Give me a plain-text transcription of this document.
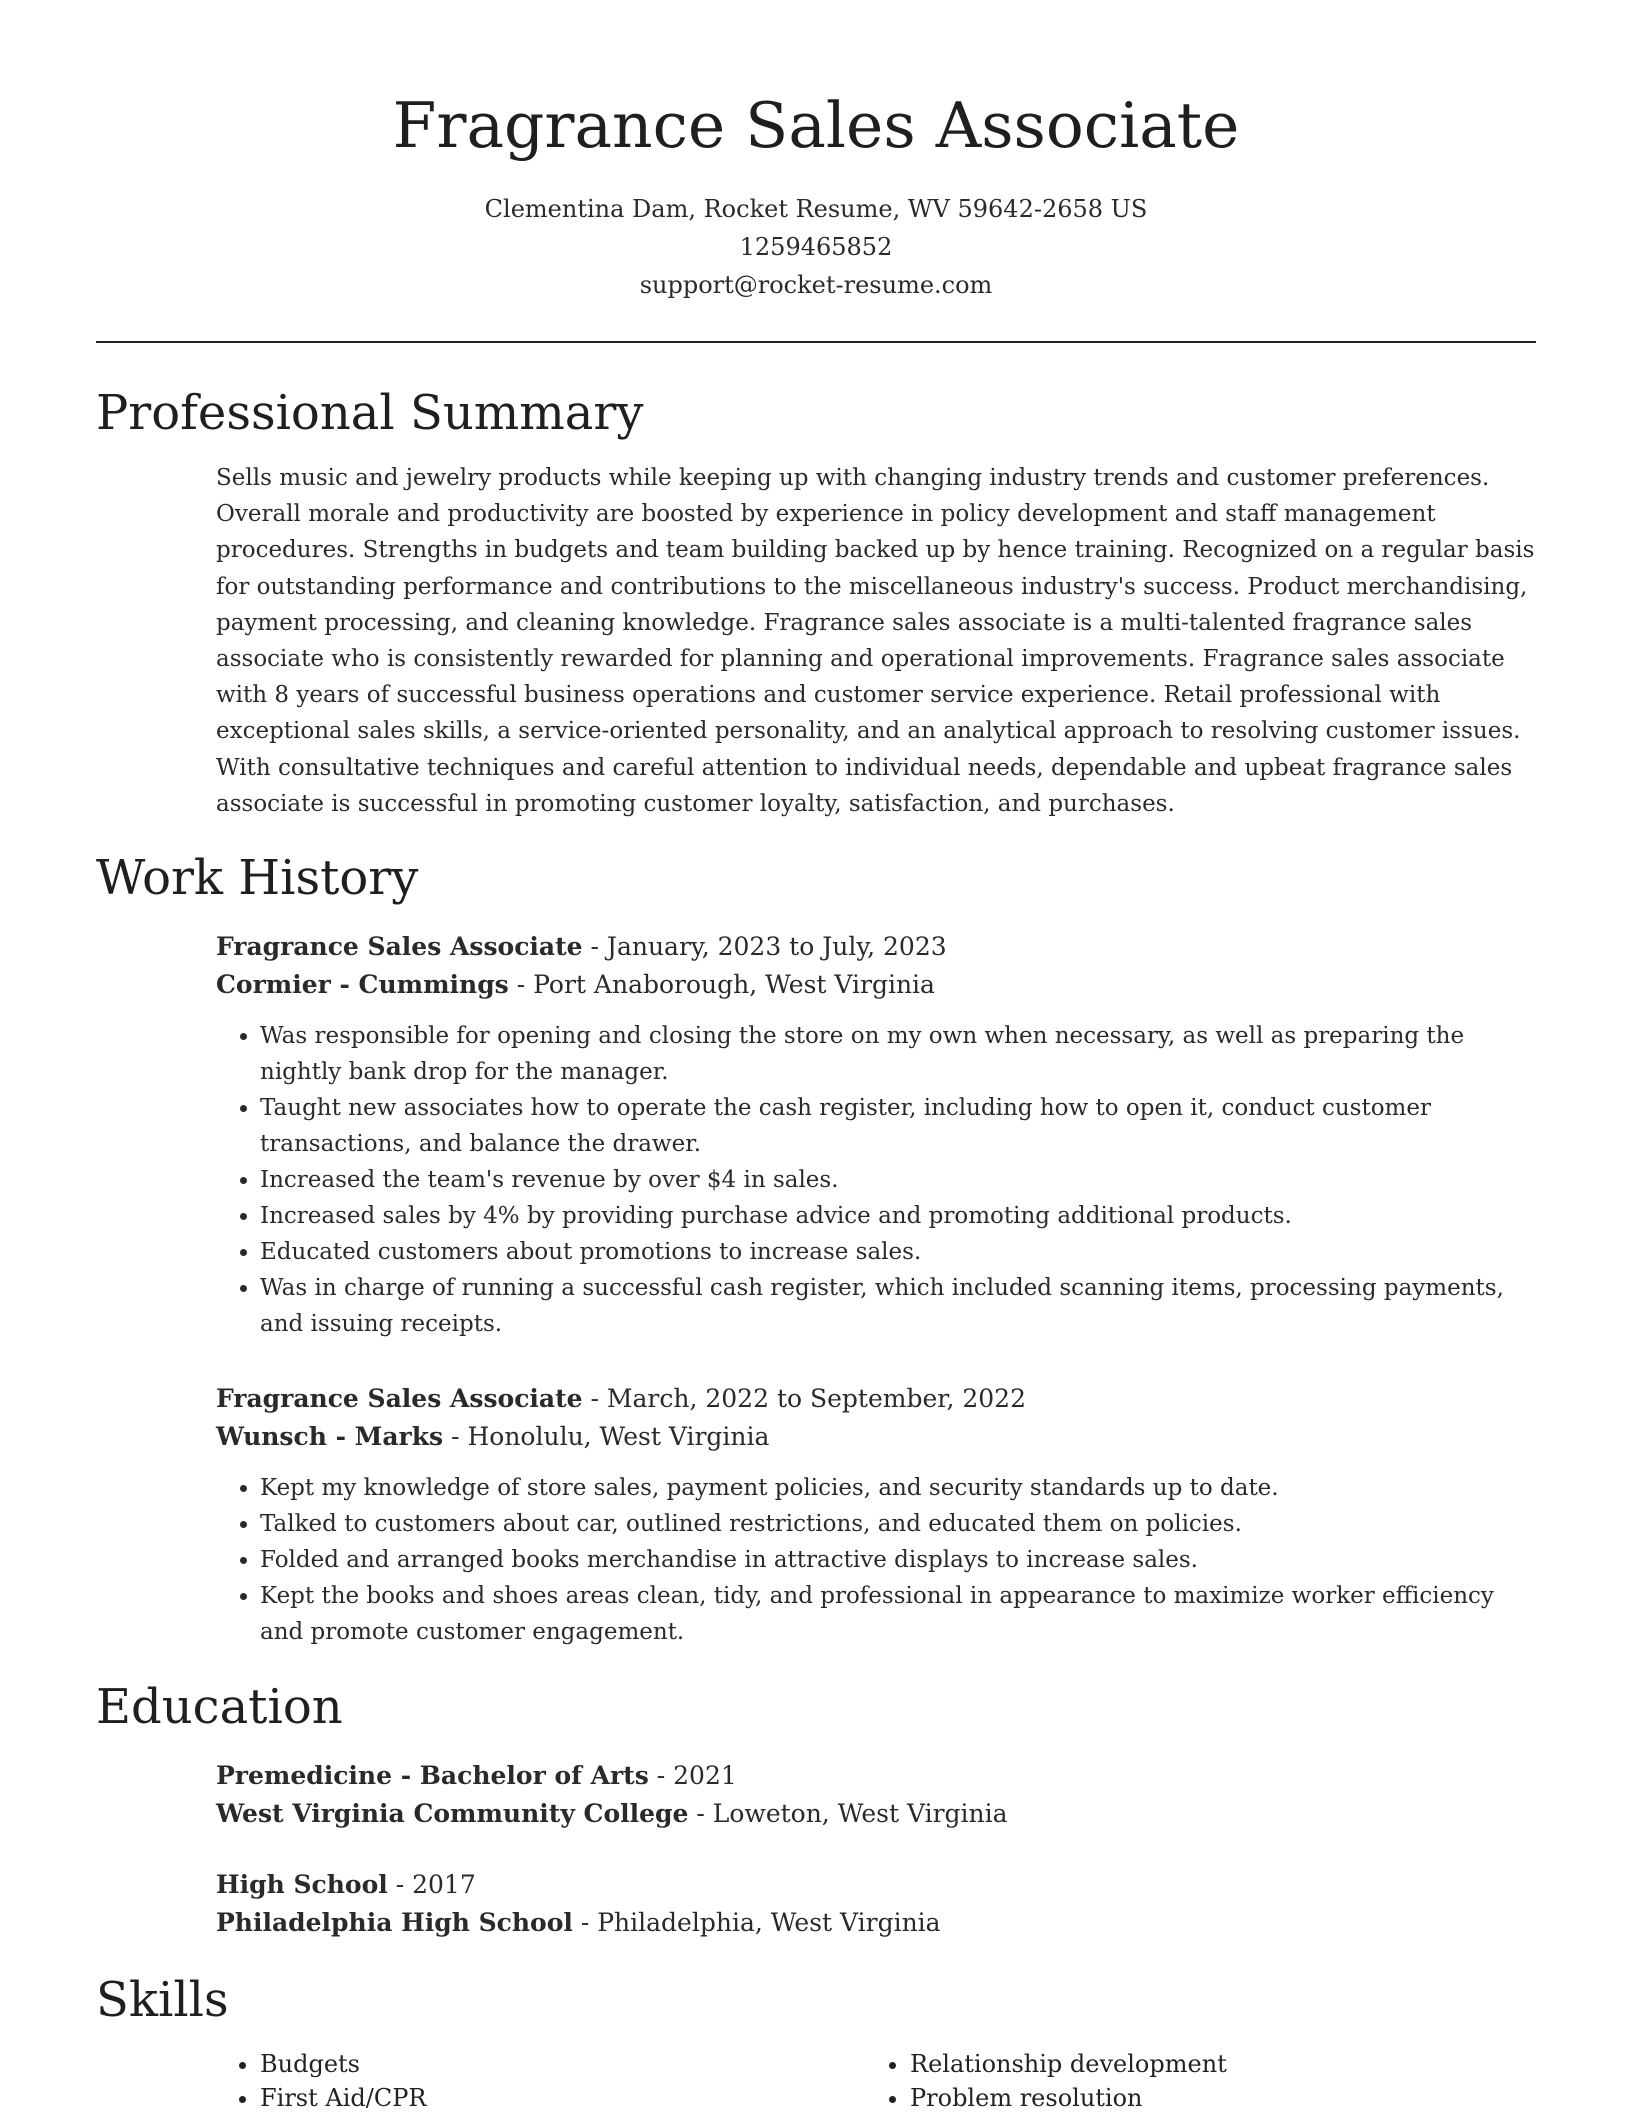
Fragrance Sales Associate
Clementina Dam, Rocket Resume, WV 59642-2658 US
1259465852
support@rocket-resume.com
Professional Summary

Sells music and jewelry products while keeping up with changing industry trends and customer preferences. Overall morale and productivity are boosted by experience in policy development and staff management procedures. Strengths in budgets and team building backed up by hence training. Recognized on a regular basis for outstanding performance and contributions to the miscellaneous industry's success. Product merchandising, payment processing, and cleaning knowledge. Fragrance sales associate is a multi-talented fragrance sales associate who is consistently rewarded for planning and operational improvements. Fragrance sales associate with 8 years of successful business operations and customer service experience. Retail professional with exceptional sales skills, a service-oriented personality, and an analytical approach to resolving customer issues. With consultative techniques and careful attention to individual needs, dependable and upbeat fragrance sales associate is successful in promoting customer loyalty, satisfaction, and purchases.

Work History

Fragrance Sales Associate - January, 2023 to July, 2023

Cormier - Cummings - Port Anaborough, West Virginia

• Was responsible for opening and closing the store on my own when necessary, as well as preparing the nightly bank drop for the manager.
• Taught new associates how to operate the cash register, including how to open it, conduct customer transactions, and balance the drawer.
• Increased the team's revenue by over $4 in sales.
• Increased sales by 4% by providing purchase advice and promoting additional products.
• Educated customers about promotions to increase sales.
• Was in charge of running a successful cash register, which included scanning items, processing payments, and issuing receipts.

Fragrance Sales Associate - March, 2022 to September, 2022

Wunsch - Marks - Honolulu, West Virginia

• Kept my knowledge of store sales, payment policies, and security standards up to date.
• Talked to customers about car, outlined restrictions, and educated them on policies.
• Folded and arranged books merchandise in attractive displays to increase sales.
• Kept the books and shoes areas clean, tidy, and professional in appearance to maximize worker efficiency and promote customer engagement.
Education

Premedicine - Bachelor of Arts - 2021

West Virginia Community College - Loweton, West Virginia

High School - 2017

Philadelphia High School - Philadelphia, West Virginia

Skills
• Budgets
• First Aid/CPR
• Relationship development
• Problem resolution
